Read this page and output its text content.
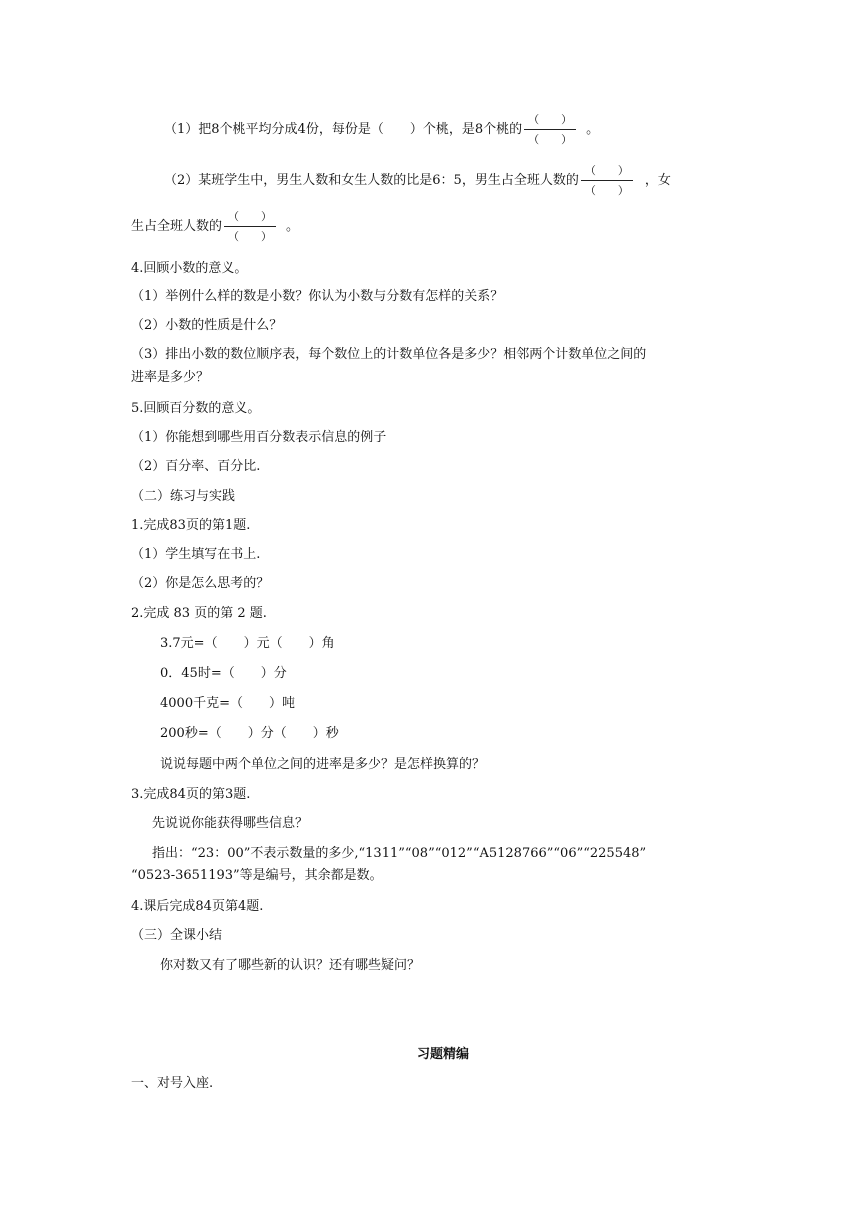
（1）把8个桃平均分成4份，每份是（　　）个桃，是8个桃的 $\frac{( )}{( )}$ 。
（2）某班学生中，男生人数和女生人数的比是6：5，男生占全班人数的 $\frac{( )}{( )}$ ，女
生占全班人数的 $\frac{( )}{( )}$ 。
4.回顾小数的意义。
（1）举例什么样的数是小数？你认为小数与分数有怎样的关系？
（2）小数的性质是什么？
（3）排出小数的数位顺序表，每个数位上的计数单位各是多少？相邻两个计数单位之间的
进率是多少？
5.回顾百分数的意义。
（1）你能想到哪些用百分数表示信息的例子
（2）百分率、百分比.
（二）练习与实践
1.完成83页的第1题.
（1）学生填写在书上.
（2）你是怎么思考的？
2.完成 83 页的第 2 题.
3.7元=（　　）元（　　）角
0．45时=（　　）分
4000千克=（　　）吨
200秒=（　　）分（　　）秒
说说每题中两个单位之间的进率是多少？是怎样换算的？
3.完成84页的第3题.
先说说你能获得哪些信息？
指出：“23：00”不表示数量的多少,“1311”“08”“012”“A5128766”“06”“225548”
“0523-3651193”等是编号，其余都是数。
4.课后完成84页第4题.
（三）全课小结
你对数又有了哪些新的认识？还有哪些疑问？
习题精编
一、对号入座.
